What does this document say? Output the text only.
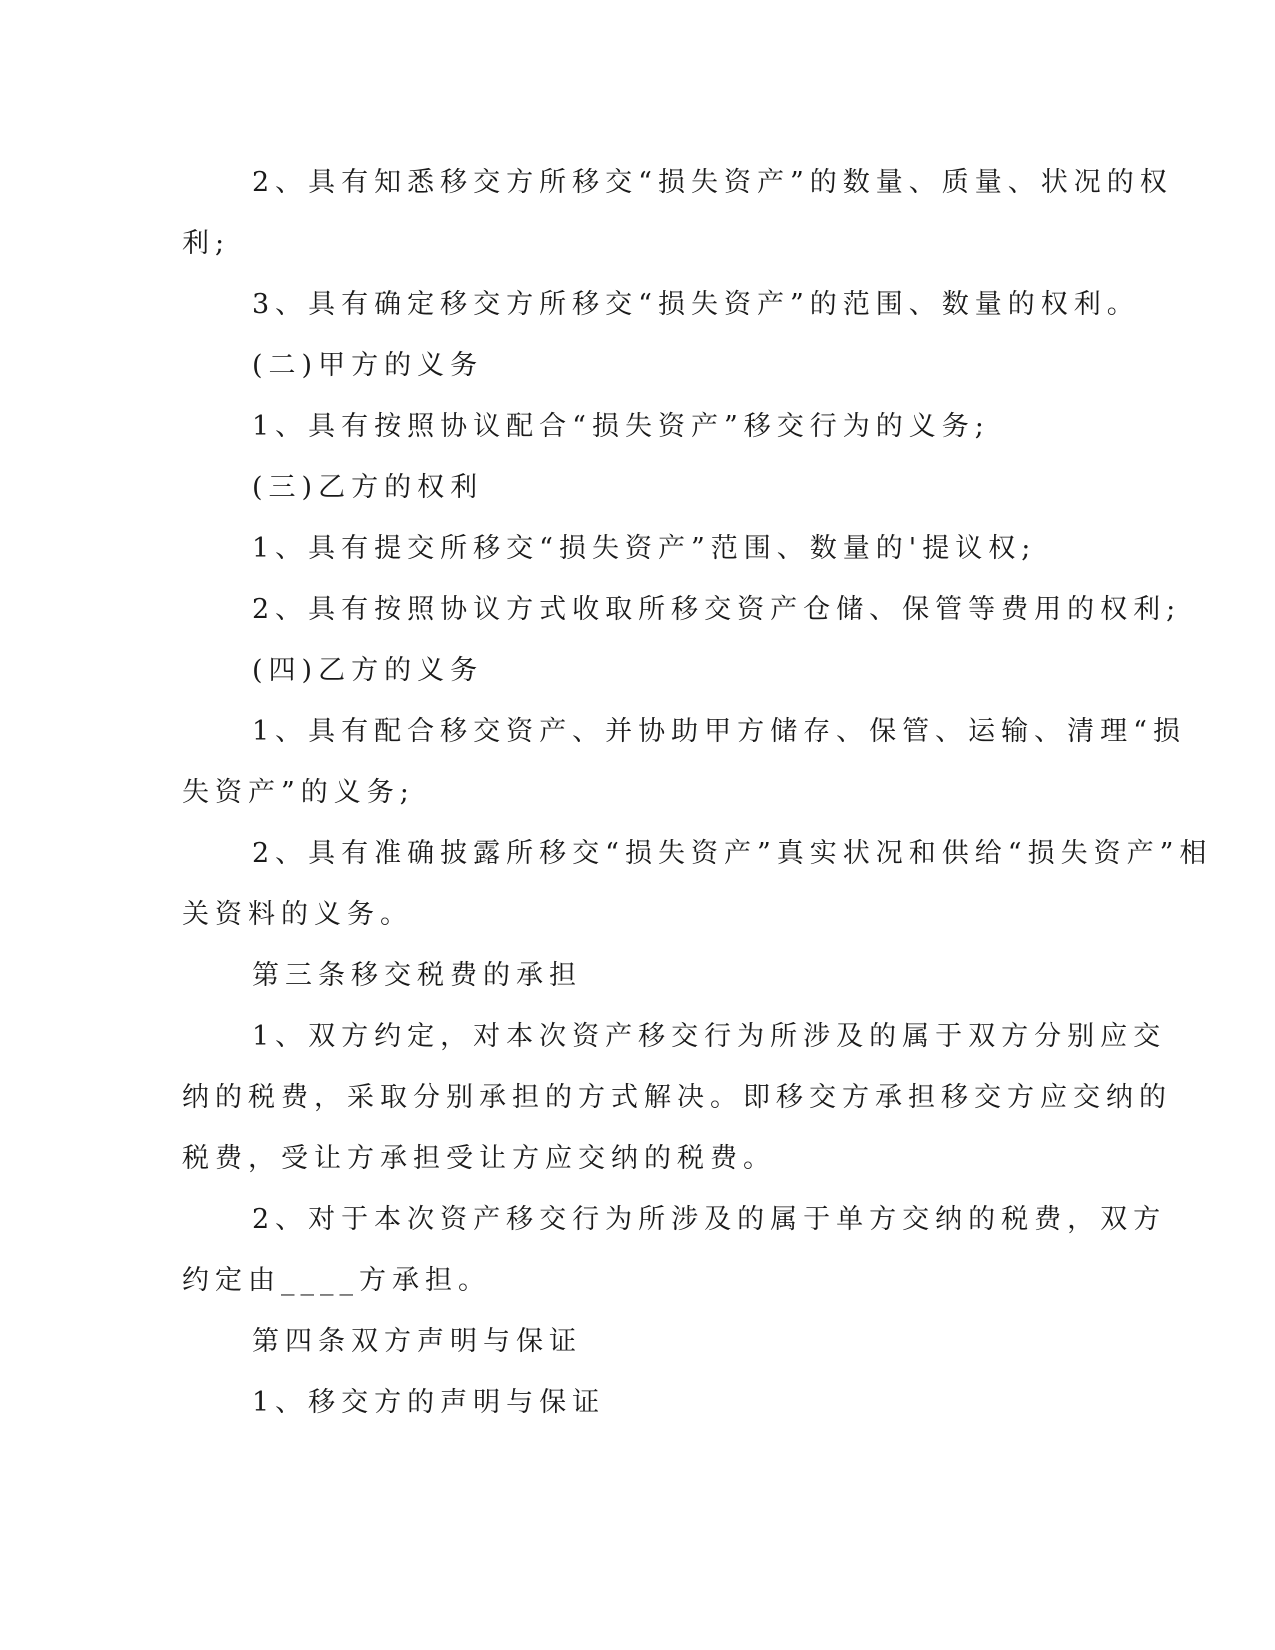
2、具有知悉移交方所移交“损失资产”的数量、质量、状况的权
利;
3、具有确定移交方所移交“损失资产”的范围、数量的权利。
(二)甲方的义务
1、具有按照协议配合“损失资产”移交行为的义务;
(三)乙方的权利
1、具有提交所移交“损失资产”范围、数量的'提议权;
2、具有按照协议方式收取所移交资产仓储、保管等费用的权利;
(四)乙方的义务
1、具有配合移交资产、并协助甲方储存、保管、运输、清理“损
失资产”的义务;
2、具有准确披露所移交“损失资产”真实状况和供给“损失资产”相
关资料的义务。
第三条移交税费的承担
1、双方约定，对本次资产移交行为所涉及的属于双方分别应交
纳的税费，采取分别承担的方式解决。即移交方承担移交方应交纳的
税费，受让方承担受让方应交纳的税费。
2、对于本次资产移交行为所涉及的属于单方交纳的税费，双方
约定由____方承担。
第四条双方声明与保证
1、移交方的声明与保证
